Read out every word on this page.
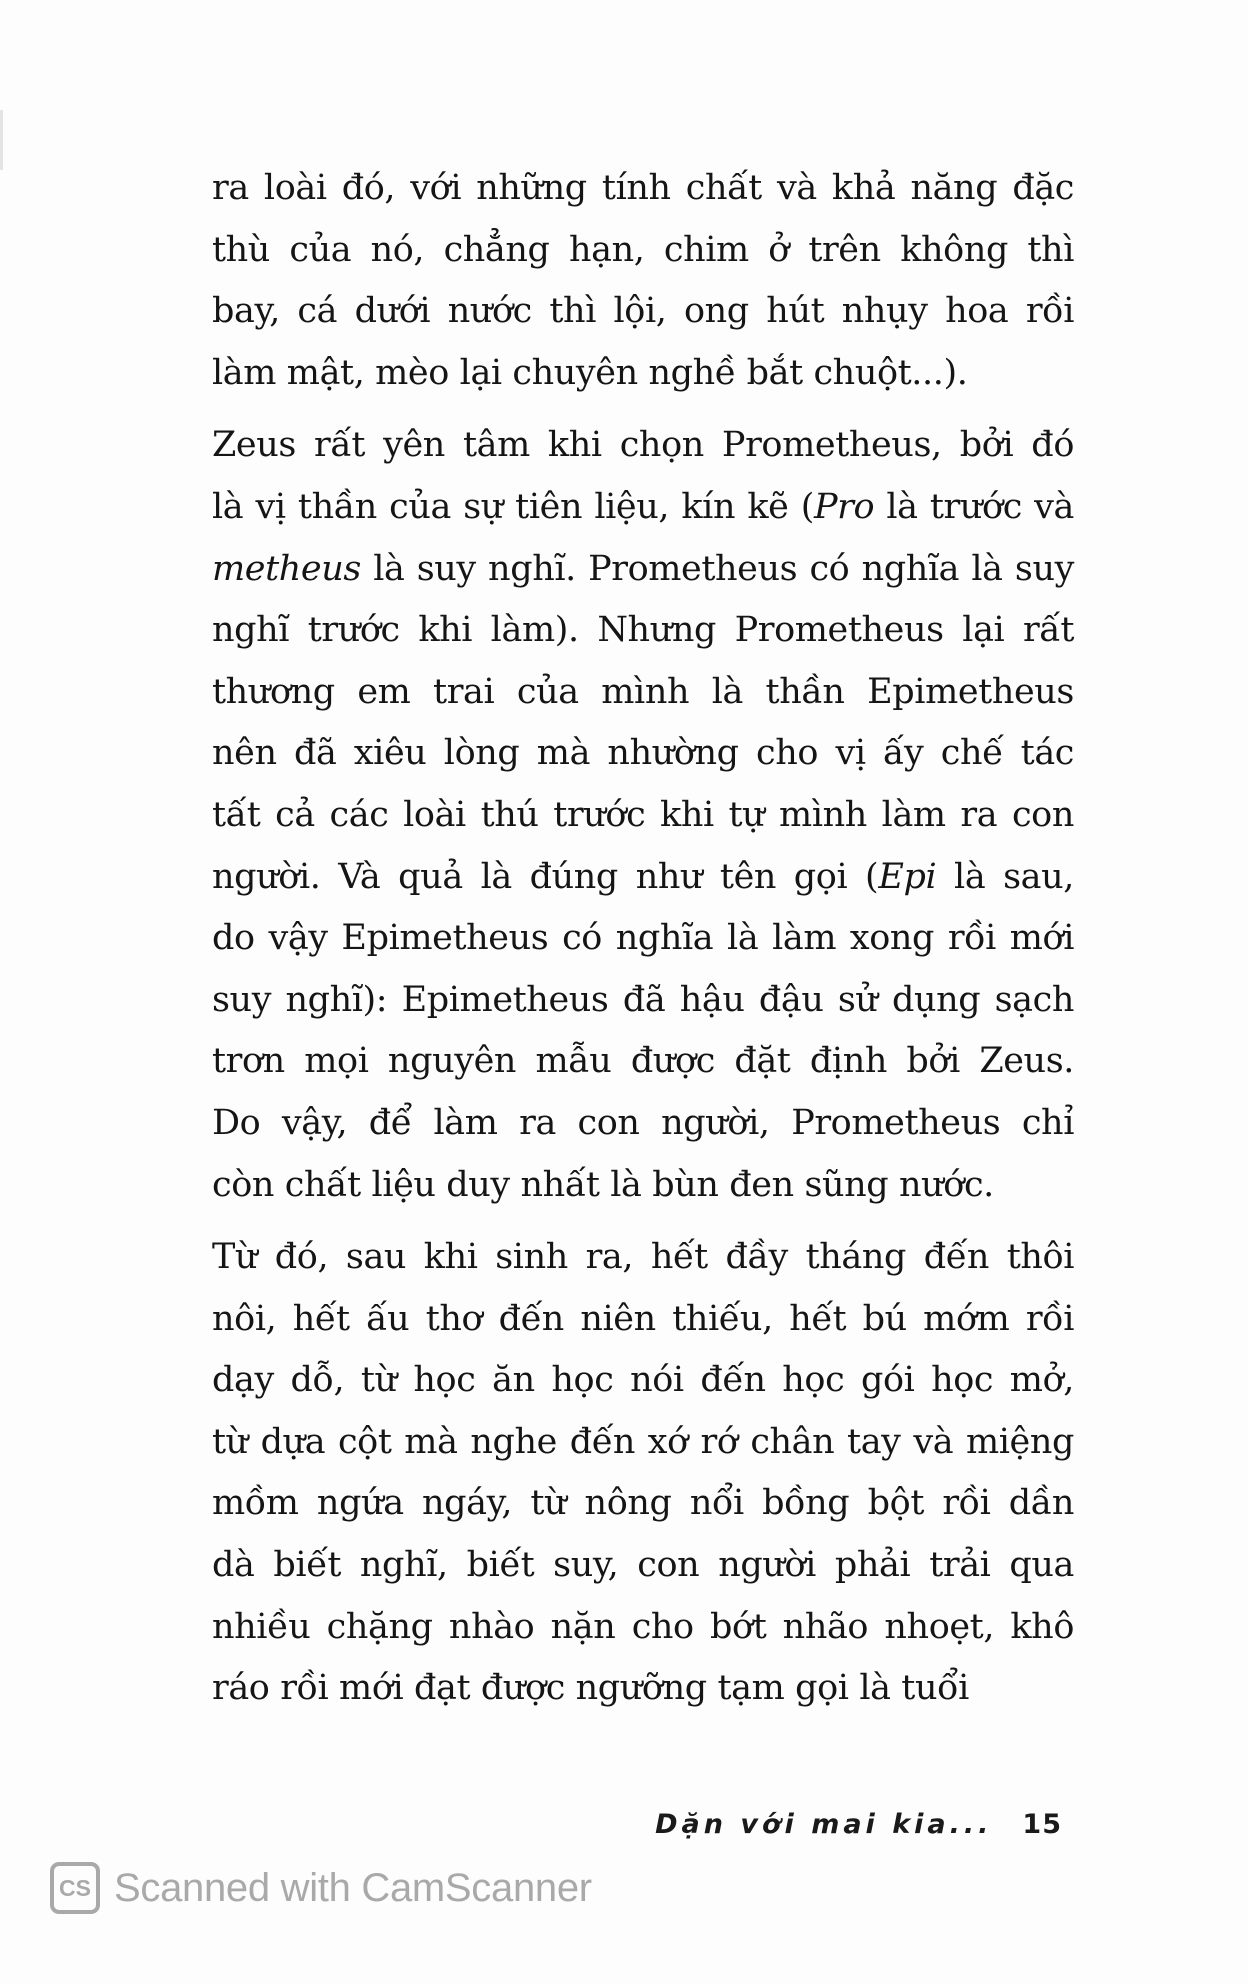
ra loài đó, với những tính chất và khả năng đặc
thù của nó, chẳng hạn, chim ở trên không thì
bay, cá dưới nước thì lội, ong hút nhụy hoa rồi
làm mật, mèo lại chuyên nghề bắt chuột...).
Zeus rất yên tâm khi chọn Prometheus, bởi đó
là vị thần của sự tiên liệu, kín kẽ (Pro là trước và
metheus là suy nghĩ. Prometheus có nghĩa là suy
nghĩ trước khi làm). Nhưng Prometheus lại rất
thương em trai của mình là thần Epimetheus
nên đã xiêu lòng mà nhường cho vị ấy chế tác
tất cả các loài thú trước khi tự mình làm ra con
người. Và quả là đúng như tên gọi (Epi là sau,
do vậy Epimetheus có nghĩa là làm xong rồi mới
suy nghĩ): Epimetheus đã hậu đậu sử dụng sạch
trơn mọi nguyên mẫu được đặt định bởi Zeus.
Do vậy, để làm ra con người, Prometheus chỉ
còn chất liệu duy nhất là bùn đen sũng nước.
Từ đó, sau khi sinh ra, hết đầy tháng đến thôi
nôi, hết ấu thơ đến niên thiếu, hết bú mớm rồi
dạy dỗ, từ học ăn học nói đến học gói học mở,
từ dựa cột mà nghe đến xớ rớ chân tay và miệng
mồm ngứa ngáy, từ nông nổi bồng bột rồi dần
dà biết nghĩ, biết suy, con người phải trải qua
nhiều chặng nhào nặn cho bớt nhão nhoẹt, khô
ráo rồi mới đạt được ngưỡng tạm gọi là tuổi
Dặn với mai kia... 15
CS Scanned with CamScanner
